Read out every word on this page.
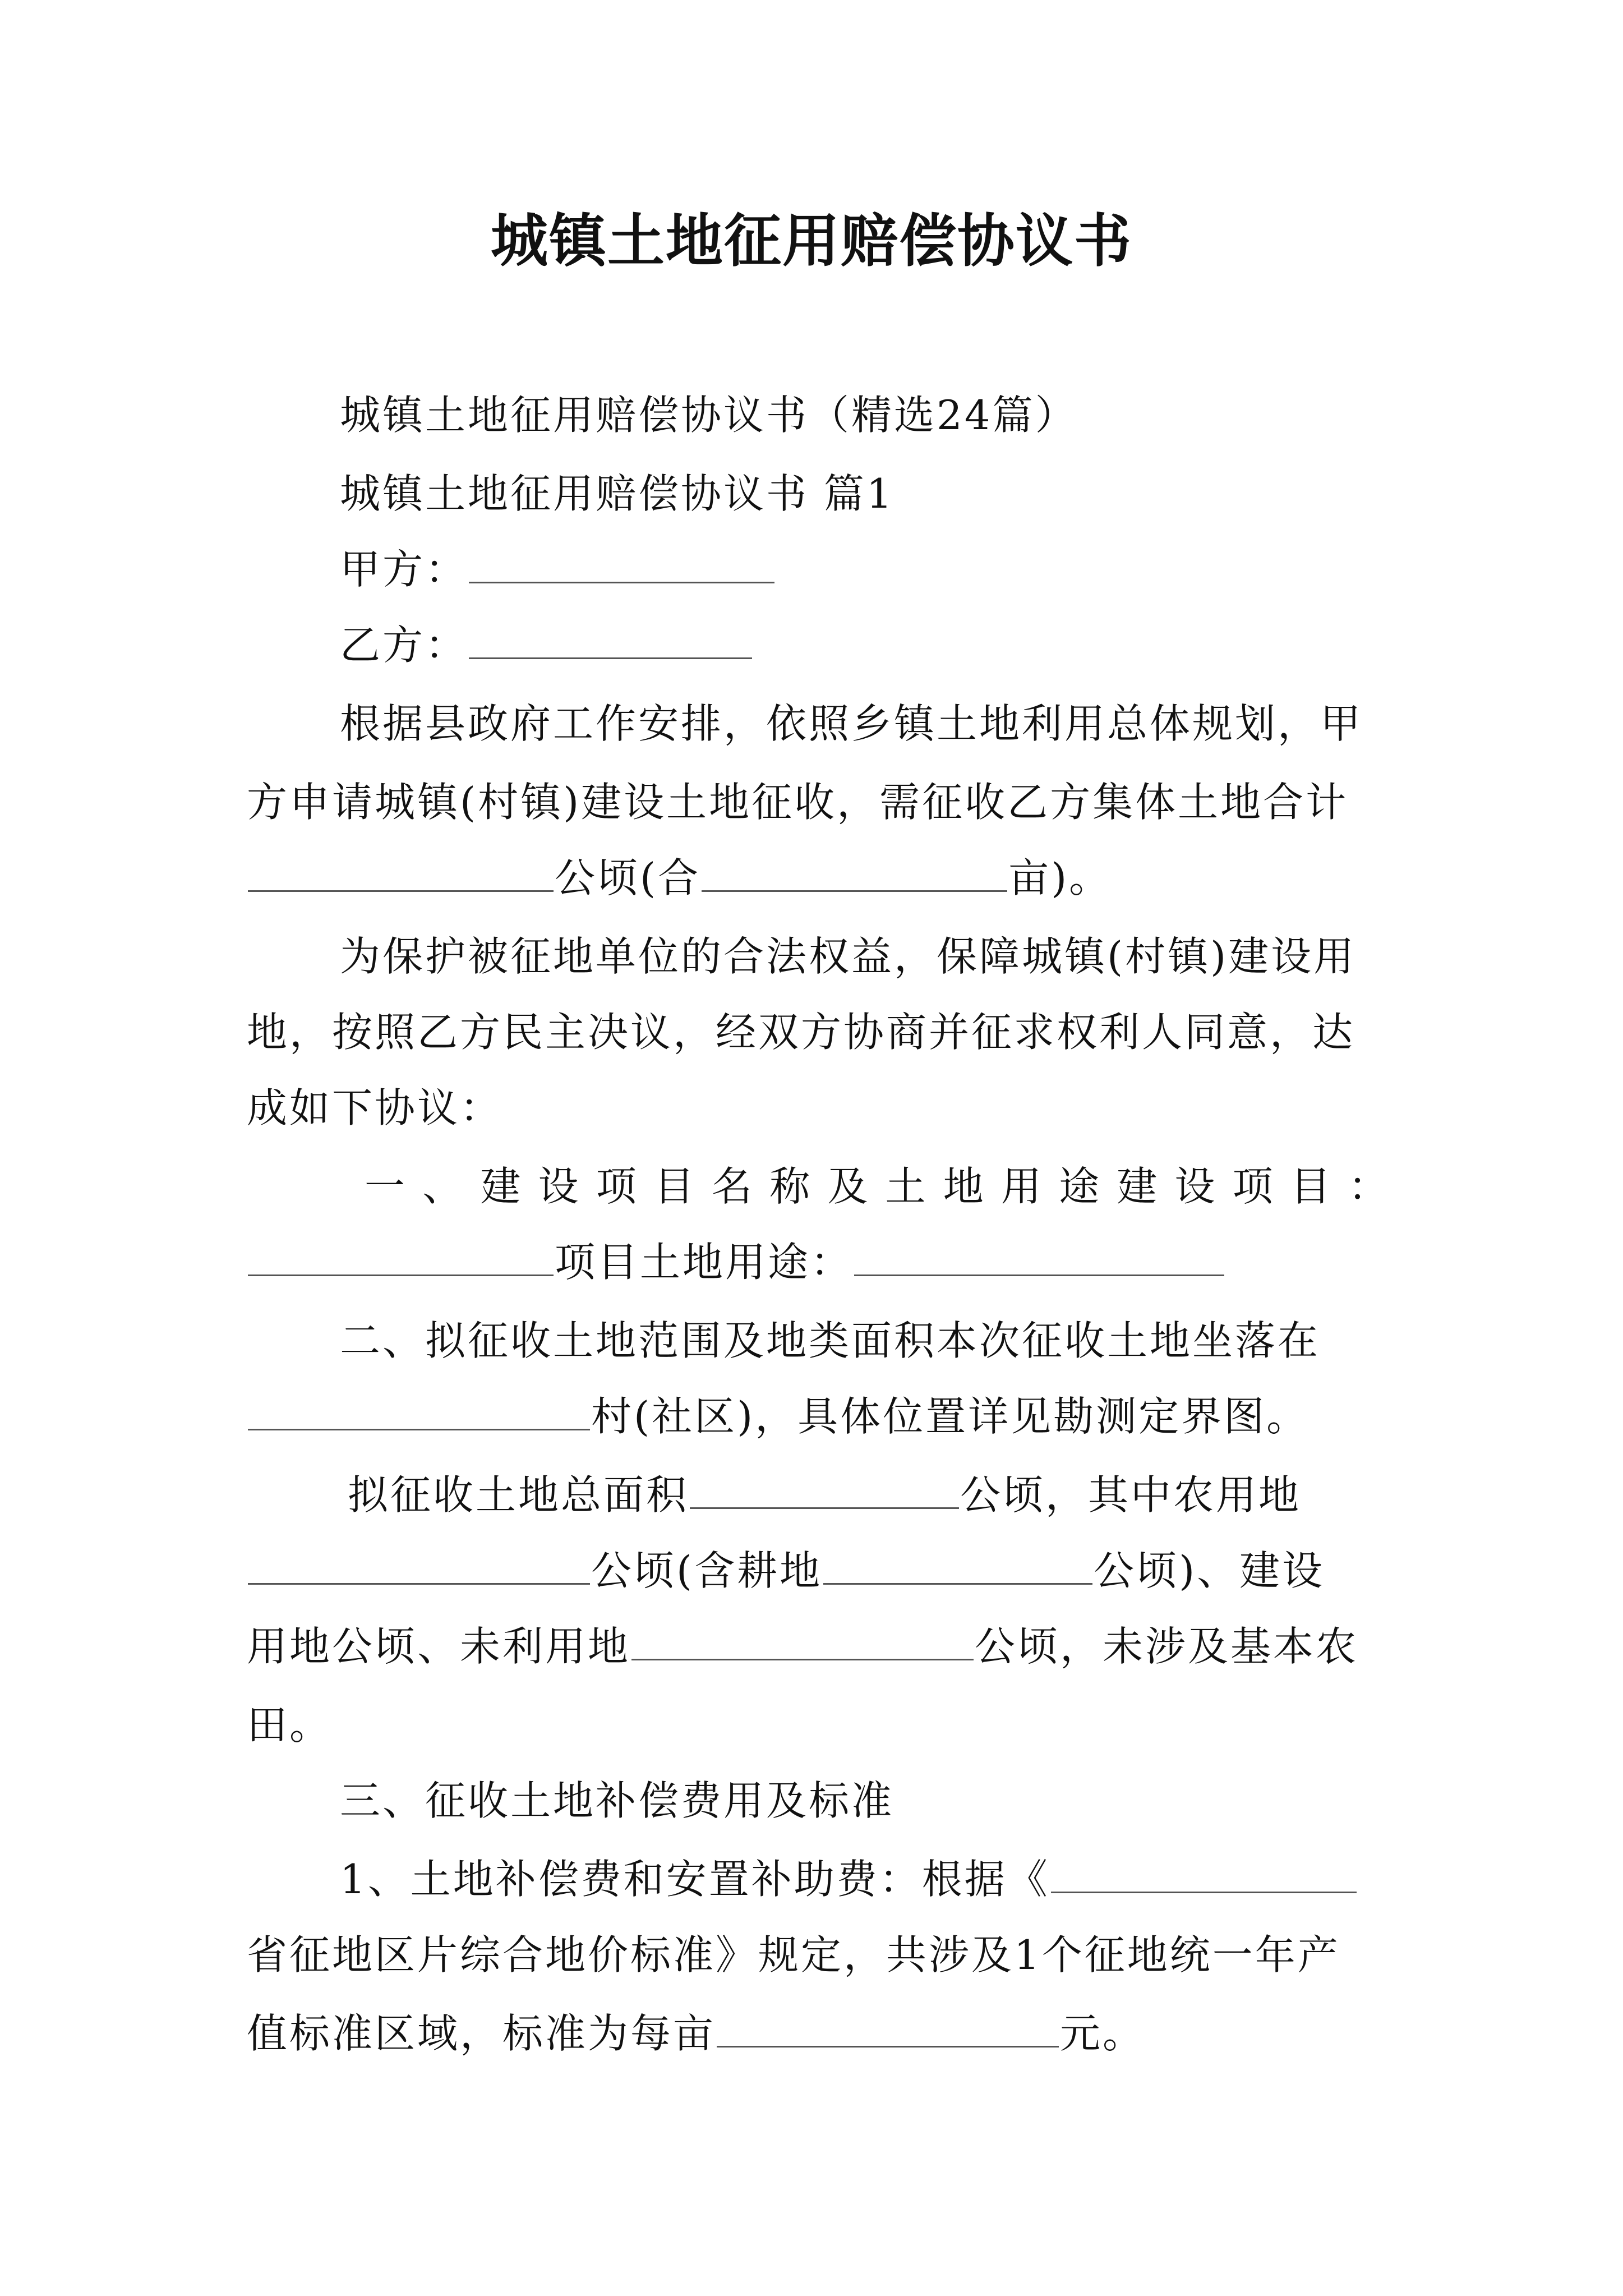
城镇土地征用赔偿协议书
城镇土地征用赔偿协议书（精选24篇）
城镇土地征用赔偿协议书 篇1
甲方：
乙方：
根据县政府工作安排，依照乡镇土地利用总体规划，甲
方申请城镇(村镇)建设土地征收，需征收乙方集体土地合计
公顷(合	亩)。
为保护被征地单位的合法权益，保障城镇(村镇)建设用
地，按照乙方民主决议，经双方协商并征求权利人同意，达
成如下协议：
一 、 建 设 项 目 名 称 及 土 地 用 途 建 设 项 目 ：
项目土地用途：
二、拟征收土地范围及地类面积本次征收土地坐落在
村(社区)，具体位置详见勘测定界图。
拟征收土地总面积	公顷，其中农用地
公顷(含耕地	公顷)、建设
用地公顷、未利用地	公顷，未涉及基本农
田。
三、征收土地补偿费用及标准
1、土地补偿费和安置补助费：根据《
省征地区片综合地价标准》规定，共涉及1个征地统一年产
值标准区域，标准为每亩	元。
